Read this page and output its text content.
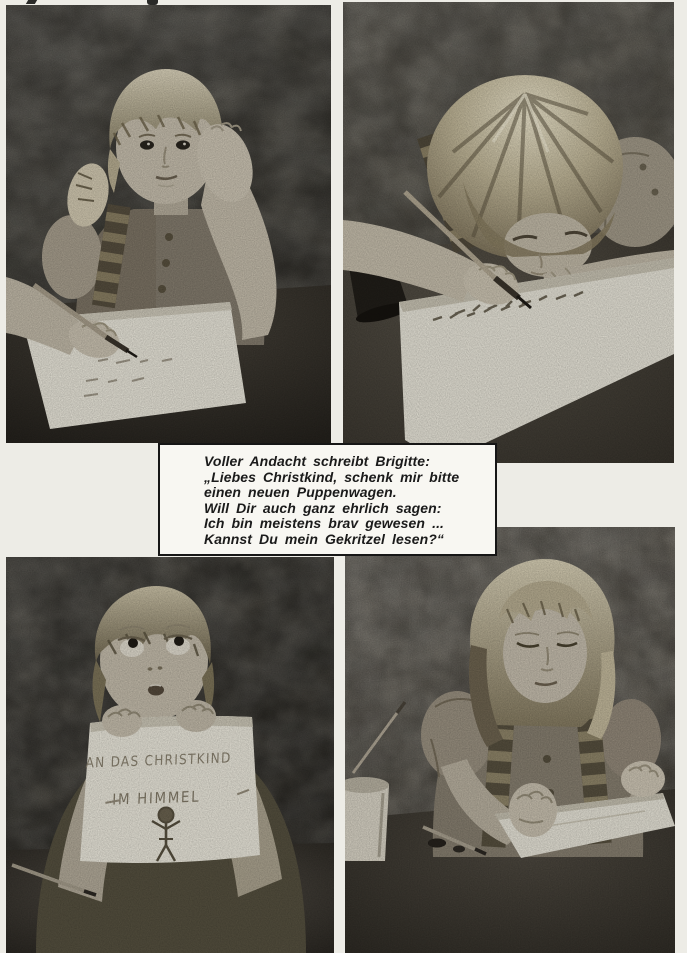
Voller Andacht schreibt Brigitte:

„Liebes Christkind, schenk mir bitte

einen neuen Puppenwagen.

Will Dir auch ganz ehrlich sagen:

Ich bin meistens brav gewesen ...

Kannst Du mein Gekritzel lesen?“

AN DAS CHRISTKIND
IM HIMMEL
